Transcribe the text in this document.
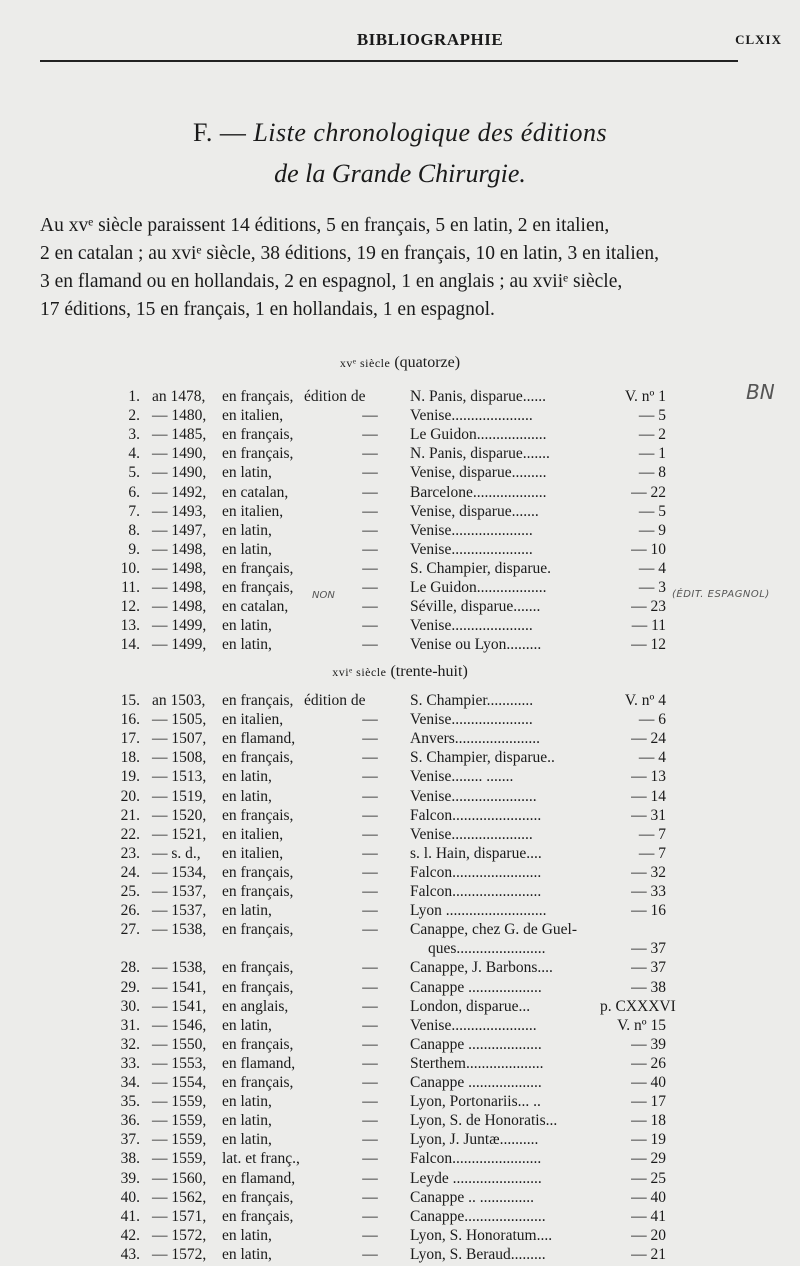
BIBLIOGRAPHIE	CLXIX
F. — Liste chronologique des éditions
de la Grande Chirurgie.
Au xvᵉ siècle paraissent 14 éditions, 5 en français, 5 en latin, 2 en italien,
2 en catalan ; au xviᵉ siècle, 38 éditions, 19 en français, 10 en latin, 3 en italien,
3 en flamand ou en hollandais, 2 en espagnol, 1 en anglais ; au xviiᵉ siècle,
17 éditions, 15 en français, 1 en hollandais, 1 en espagnol.
xvᵉ siècle (quatorze)
1. an 1478,	en français, édition de	N. Panis, disparue......	V. nº 1
2. — 1480,	en italien,	—	Venise.....................	— 5
3. — 1485,	en français,	—	Le Guidon..................	— 2
4. — 1490,	en français,	—	N. Panis, disparue.......	— 1
5. — 1490,	en latin,	—	Venise, disparue.........	— 8
6. — 1492,	en catalan,	—	Barcelone...................	— 22
7. — 1493,	en italien,	—	Venise, disparue.......	— 5
8. — 1497,	en latin,	—	Venise.....................	— 9
9. — 1498,	en latin,	—	Venise.....................	— 10
10. — 1498,	en français,	—	S. Champier, disparue.	— 4
11. — 1498,	en français,	—	Le Guidon..................	— 3
12. — 1498,	en catalan,	—	Séville, disparue.......	— 23
13. — 1499,	en latin,	—	Venise.....................	— 11
14. — 1499,	en latin,	—	Venise ou Lyon.........	— 12
xviᵉ siècle (trente-huit)
15. an 1503,	en français, édition de	S. Champier............	V. nº 4
16. — 1505,	en italien,	—	Venise.....................	— 6
17. — 1507,	en flamand,	—	Anvers......................	— 24
18. — 1508,	en français,	—	S. Champier, disparue..	— 4
19. — 1513,	en latin,	—	Venise........ .......	— 13
20. — 1519,	en latin,	—	Venise......................	— 14
21. — 1520,	en français,	—	Falcon.......................	— 31
22. — 1521,	en italien,	—	Venise.....................	— 7
23. — s. d.,	en italien,	—	s. l. Hain, disparue....	— 7
24. — 1534,	en français,	—	Falcon.......................	— 32
25. — 1537,	en français,	—	Falcon.......................	— 33
26. — 1537,	en latin,	—	Lyon ..........................	— 16
27. — 1538,	en français,	—	Canappe, chez G. de Guel-
ques.......................	— 37
28. — 1538,	en français,	—	Canappe, J. Barbons....	— 37
29. — 1541,	en français,	—	Canappe ...................	— 38
30. — 1541,	en anglais,	—	London, disparue...	p. CXXXVI
31. — 1546,	en latin,	—	Venise......................	V. nº 15
32. — 1550,	en français,	—	Canappe ...................	— 39
33. — 1553,	en flamand,	—	Sterthem....................	— 26
34. — 1554,	en français,	—	Canappe ...................	— 40
35. — 1559,	en latin,	—	Lyon, Portonariis... ..	— 17
36. — 1559,	en latin,	—	Lyon, S. de Honoratis...	— 18
37. — 1559,	en latin,	—	Lyon, J. Juntæ..........	— 19
38. — 1559,	lat. et franç.,	—	Falcon.......................	— 29
39. — 1560,	en flamand,	—	Leyde .......................	— 25
40. — 1562,	en français,	—	Canappe .. ..............	— 40
41. — 1571,	en français,	—	Canappe.....................	— 41
42. — 1572,	en latin,	—	Lyon, S. Honoratum....	— 20
43. — 1572,	en latin,	—	Lyon, S. Beraud.........	— 21
BN
NON	(ÉDIT. ESPAGNOL)
